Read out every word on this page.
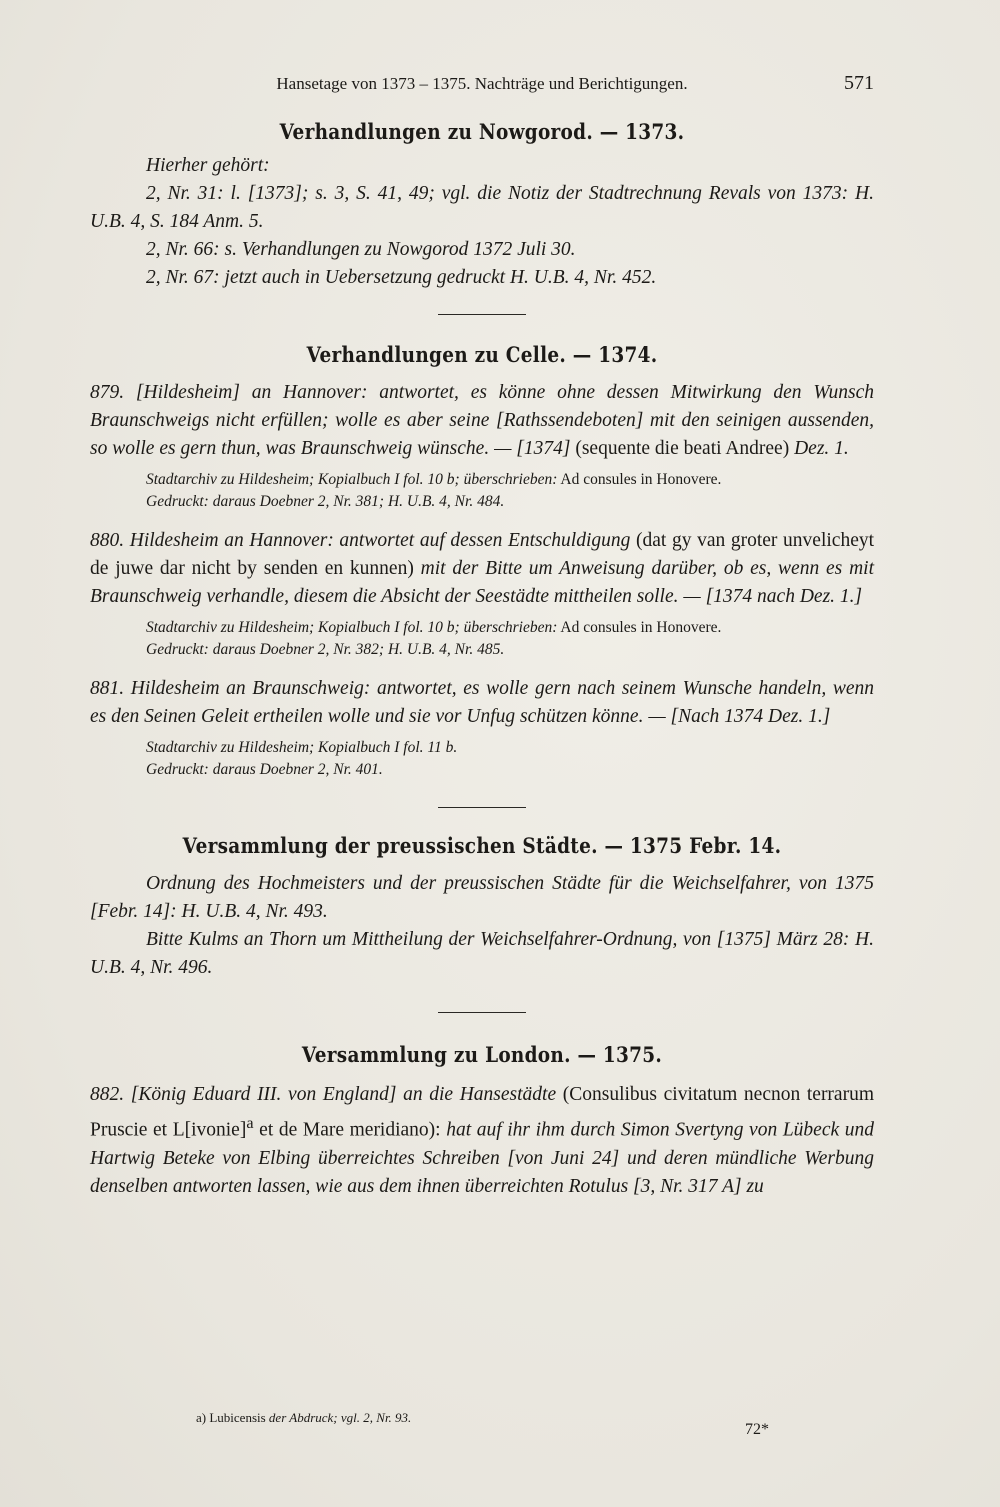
Hansetage von 1373 – 1375. Nachträge und Berichtigungen.	571
Verhandlungen zu Nowgorod. — 1373.

Hierher gehört:

2, Nr. 31: l. [1373]; s. 3, S. 41, 49; vgl. die Notiz der Stadtrechnung Revals von 1373: H. U.B. 4, S. 184 Anm. 5.

2, Nr. 66: s. Verhandlungen zu Nowgorod 1372 Juli 30.

2, Nr. 67: jetzt auch in Uebersetzung gedruckt H. U.B. 4, Nr. 452.

Verhandlungen zu Celle. — 1374.

879. [Hildesheim] an Hannover: antwortet, es könne ohne dessen Mitwirkung den Wunsch Braunschweigs nicht erfüllen; wolle es aber seine [Rathssendeboten] mit den seinigen aussenden, so wolle es gern thun, was Braunschweig wünsche. — [1374] (sequente die beati Andree) Dez. 1.

Stadtarchiv zu Hildesheim; Kopialbuch I fol. 10 b; überschrieben: Ad consules in Honovere.

Gedruckt: daraus Doebner 2, Nr. 381; H. U.B. 4, Nr. 484.

880. Hildesheim an Hannover: antwortet auf dessen Entschuldigung (dat gy van groter unvelicheyt de juwe dar nicht by senden en kunnen) mit der Bitte um Anweisung darüber, ob es, wenn es mit Braunschweig verhandle, diesem die Absicht der Seestädte mittheilen solle. — [1374 nach Dez. 1.]

Stadtarchiv zu Hildesheim; Kopialbuch I fol. 10 b; überschrieben: Ad consules in Honovere.

Gedruckt: daraus Doebner 2, Nr. 382; H. U.B. 4, Nr. 485.

881. Hildesheim an Braunschweig: antwortet, es wolle gern nach seinem Wunsche handeln, wenn es den Seinen Geleit ertheilen wolle und sie vor Unfug schützen könne. — [Nach 1374 Dez. 1.]

Stadtarchiv zu Hildesheim; Kopialbuch I fol. 11 b.

Gedruckt: daraus Doebner 2, Nr. 401.

Versammlung der preussischen Städte. — 1375 Febr. 14.

Ordnung des Hochmeisters und der preussischen Städte für die Weichselfahrer, von 1375 [Febr. 14]: H. U.B. 4, Nr. 493.

Bitte Kulms an Thorn um Mittheilung der Weichselfahrer-Ordnung, von [1375] März 28: H. U.B. 4, Nr. 496.

Versammlung zu London. — 1375.

882. [König Eduard III. von England] an die Hansestädte (Consulibus civitatum necnon terrarum Pruscie et L[ivonie]$^a$ et de Mare meridiano): hat auf ihr ihm durch Simon Svertyng von Lübeck und Hartwig Beteke von Elbing überreichtes Schreiben [von Juni 24] und deren mündliche Werbung denselben antworten lassen, wie aus dem ihnen überreichten Rotulus [3, Nr. 317 A] zu

a) Lubicensis der Abdruck; vgl. 2, Nr. 93.
72*
